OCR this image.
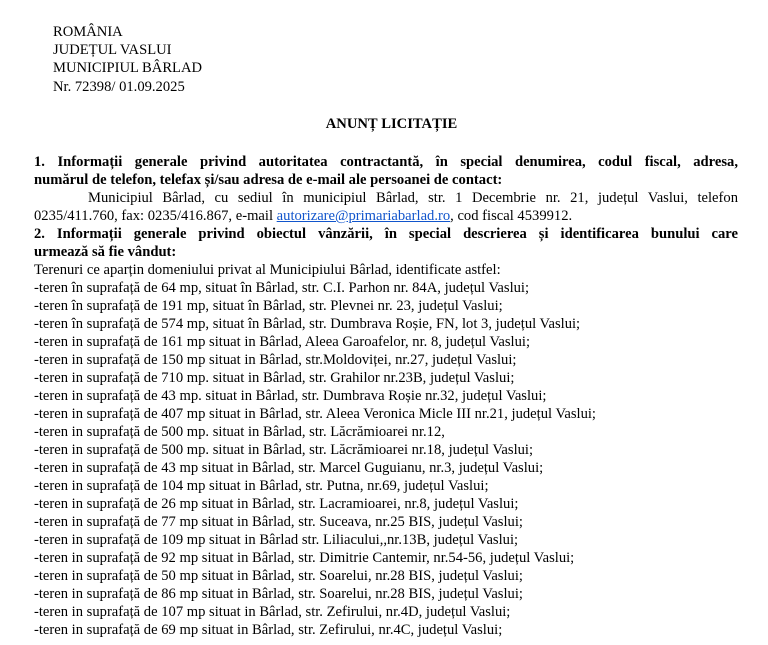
ROMÂNIA
JUDEȚUL VASLUI
MUNICIPIUL BÂRLAD
Nr. 72398/ 01.09.2025
ANUNȚ LICITAȚIE
1. Informații generale privind autoritatea contractantă, în special denumirea, codul fiscal, adresa,
numărul de telefon, telefax și/sau adresa de e-mail ale persoanei de contact:
Municipiul Bârlad, cu sediul în municipiul Bârlad, str. 1 Decembrie nr. 21, județul Vaslui, telefon
0235/411.760, fax: 0235/416.867, e-mail autorizare@primariabarlad.ro, cod fiscal 4539912.
2. Informații generale privind obiectul vânzării, în special descrierea și identificarea bunului care
urmează să fie vândut:
Terenuri ce aparțin domeniului privat al Municipiului Bârlad, identificate astfel:
-teren în suprafață de 64 mp, situat în Bârlad, str. C.I. Parhon nr. 84A, județul Vaslui;
-teren în suprafață de 191 mp, situat în Bârlad, str. Plevnei nr. 23, județul Vaslui;
-teren în suprafață de 574 mp, situat în Bârlad, str. Dumbrava Roșie, FN, lot 3, județul Vaslui;
-teren in suprafață de 161 mp situat in Bârlad, Aleea Garoafelor, nr. 8, județul Vaslui;
-teren in suprafață de 150 mp situat in Bârlad, str.Moldoviței, nr.27, județul Vaslui;
-teren in suprafață de 710 mp. situat in Bârlad, str. Grahilor nr.23B, județul Vaslui;
-teren in suprafață de 43 mp. situat in Bârlad, str. Dumbrava Roșie nr.32, județul Vaslui;
-teren in suprafață de 407 mp situat in Bârlad, str. Aleea Veronica Micle III nr.21, județul Vaslui;
-teren in suprafață de 500 mp. situat in Bârlad, str. Lăcrămioarei nr.12,
-teren in suprafață de 500 mp. situat in Bârlad, str. Lăcrămioarei nr.18, județul Vaslui;
-teren in suprafață de 43 mp situat in Bârlad, str. Marcel Guguianu, nr.3, județul Vaslui;
-teren in suprafață de 104 mp situat in Bârlad, str. Putna, nr.69, județul Vaslui;
-teren in suprafață de 26 mp situat in Bârlad, str. Lacramioarei, nr.8, județul Vaslui;
-teren in suprafață de 77 mp situat in Bârlad, str. Suceava, nr.25 BIS, județul Vaslui;
-teren in suprafață de 109 mp situat in Bârlad str. Liliacului,,nr.13B, județul Vaslui;
-teren in suprafață de 92 mp situat in Bârlad, str. Dimitrie Cantemir, nr.54-56, județul Vaslui;
-teren in suprafață de 50 mp situat in Bârlad, str. Soarelui, nr.28 BIS, județul Vaslui;
-teren in suprafață de 86 mp situat in Bârlad, str. Soarelui, nr.28 BIS, județul Vaslui;
-teren in suprafață de 107 mp situat in Bârlad, str. Zefirului, nr.4D, județul Vaslui;
-teren in suprafață de 69 mp situat in Bârlad, str. Zefirului, nr.4C, județul Vaslui;
